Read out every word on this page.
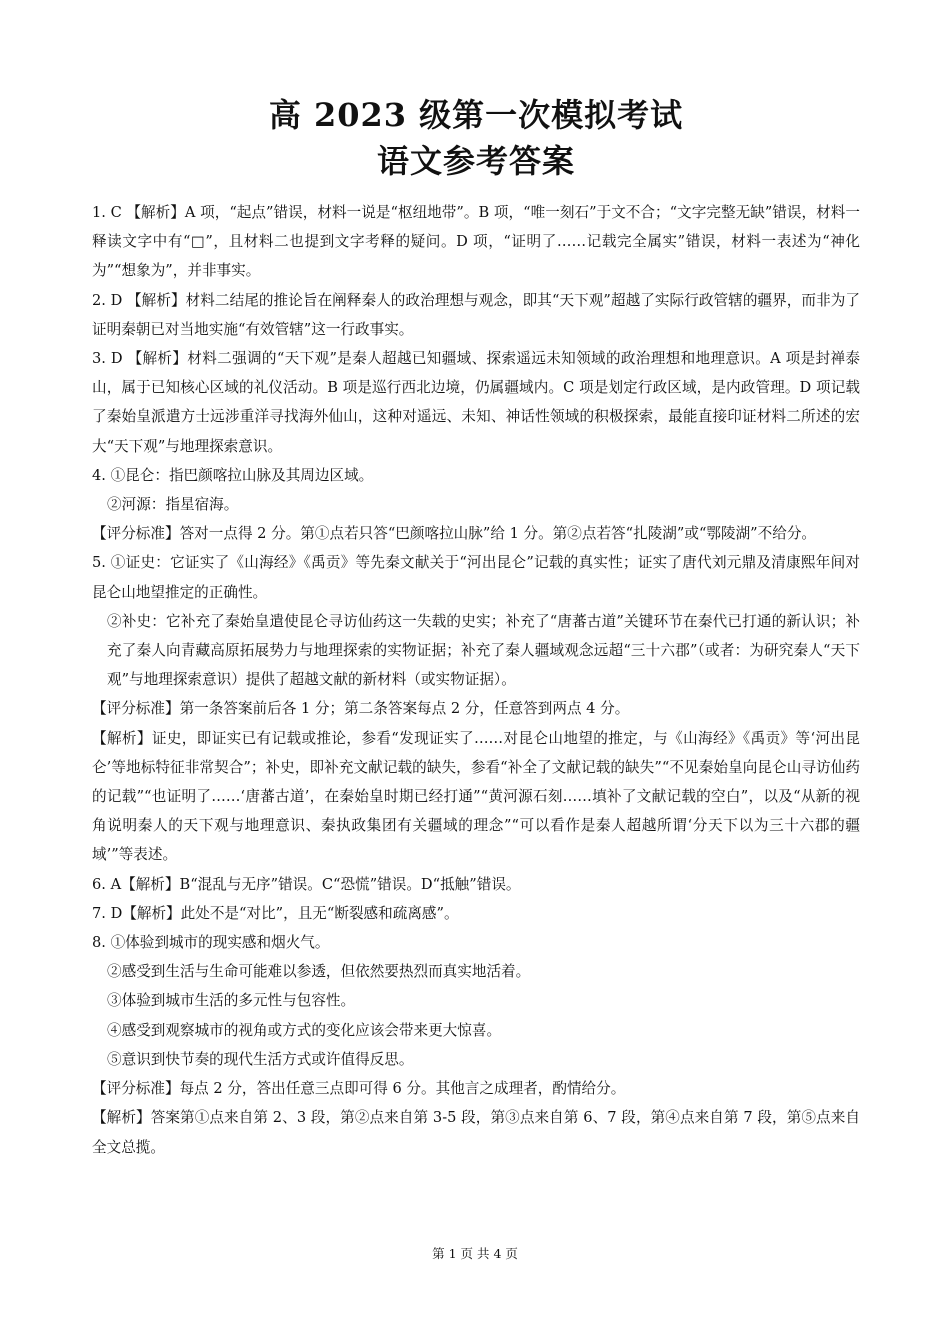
高 2023 级第一次模拟考试
语文参考答案

1. C 【解析】A 项，“起点”错误，材料一说是“枢纽地带”。B 项，“唯一刻石”于文不合；“文字完整无缺”错误，材料一释读文字中有“□”，且材料二也提到文字考释的疑问。D 项，“证明了……记载完全属实”错误，材料一表述为“神化为”“想象为”，并非事实。

2. D 【解析】材料二结尾的推论旨在阐释秦人的政治理想与观念，即其“天下观”超越了实际行政管辖的疆界，而非为了证明秦朝已对当地实施“有效管辖”这一行政事实。

3. D 【解析】材料二强调的“天下观”是秦人超越已知疆域、探索遥远未知领域的政治理想和地理意识。A 项是封禅泰山，属于已知核心区域的礼仪活动。B 项是巡行西北边境，仍属疆域内。C 项是划定行政区域，是内政管理。D 项记载了秦始皇派遣方士远涉重洋寻找海外仙山，这种对遥远、未知、神话性领域的积极探索，最能直接印证材料二所述的宏大“天下观”与地理探索意识。

4. ①昆仑：指巴颜喀拉山脉及其周边区域。

②河源：指星宿海。

【评分标准】答对一点得 2 分。第①点若只答“巴颜喀拉山脉”给 1 分。第②点若答“扎陵湖”或“鄂陵湖”不给分。

5. ①证史：它证实了《山海经》《禹贡》等先秦文献关于“河出昆仑”记载的真实性；证实了唐代刘元鼎及清康熙年间对昆仑山地望推定的正确性。

②补史：它补充了秦始皇遣使昆仑寻访仙药这一失载的史实；补充了“唐蕃古道”关键环节在秦代已打通的新认识；补充了秦人向青藏高原拓展势力与地理探索的实物证据；补充了秦人疆域观念远超“三十六郡”（或者：为研究秦人“天下观”与地理探索意识）提供了超越文献的新材料（或实物证据）。

【评分标准】第一条答案前后各 1 分；第二条答案每点 2 分，任意答到两点 4 分。

【解析】证史，即证实已有记载或推论，参看“发现证实了……对昆仑山地望的推定，与《山海经》《禹贡》等‘河出昆仑’等地标特征非常契合”；补史，即补充文献记载的缺失，参看“补全了文献记载的缺失”“不见秦始皇向昆仑山寻访仙药的记载”“也证明了……‘唐蕃古道’，在秦始皇时期已经打通”“黄河源石刻……填补了文献记载的空白”，以及“从新的视角说明秦人的天下观与地理意识、秦执政集团有关疆域的理念”“可以看作是秦人超越所谓‘分天下以为三十六郡的疆域’”等表述。

6. A【解析】B“混乱与无序”错误。C“恐慌”错误。D“抵触”错误。

7. D【解析】此处不是“对比”，且无“断裂感和疏离感”。

8. ①体验到城市的现实感和烟火气。

②感受到生活与生命可能难以参透，但依然要热烈而真实地活着。

③体验到城市生活的多元性与包容性。

④感受到观察城市的视角或方式的变化应该会带来更大惊喜。

⑤意识到快节奏的现代生活方式或许值得反思。

【评分标准】每点 2 分，答出任意三点即可得 6 分。其他言之成理者，酌情给分。

【解析】答案第①点来自第 2、3 段，第②点来自第 3-5 段，第③点来自第 6、7 段，第④点来自第 7 段，第⑤点来自全文总揽。

第 1 页 共 4 页
